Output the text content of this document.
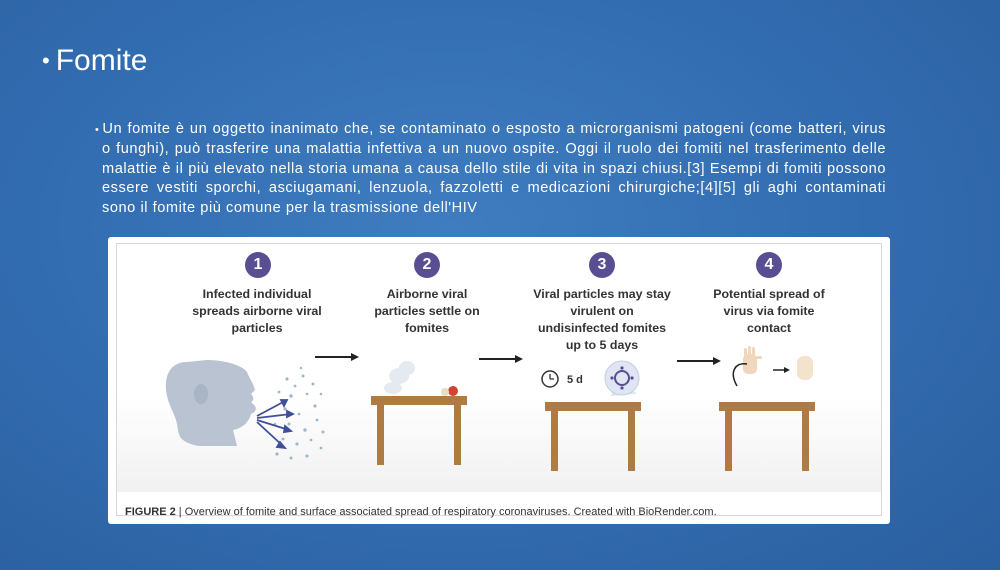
• Fomite
• Un fomite è un oggetto inanimato che, se contaminato o esposto a microrganismi patogeni (come batteri, virus o funghi), può trasferire una malattia infettiva a un nuovo ospite. Oggi il ruolo dei fomiti nel trasferimento delle malattie è il più elevato nella storia umana a causa dello stile di vita in spazi chiusi.[3] Esempi di fomiti possono essere vestiti sporchi, asciugamani, lenzuola, fazzoletti e medicazioni chirurgiche;[4][5] gli aghi contaminati sono il fomite più comune per la trasmissione dell'HIV
5 d
1
Infected individual spreads airborne viral particles
2
Airborne viral particles settle on fomites
3
Viral particles may stay virulent on undisinfected fomites up to 5 days
4
Potential spread of virus via fomite contact
FIGURE 2 | Overview of fomite and surface associated spread of respiratory coronaviruses. Created with BioRender.com.
